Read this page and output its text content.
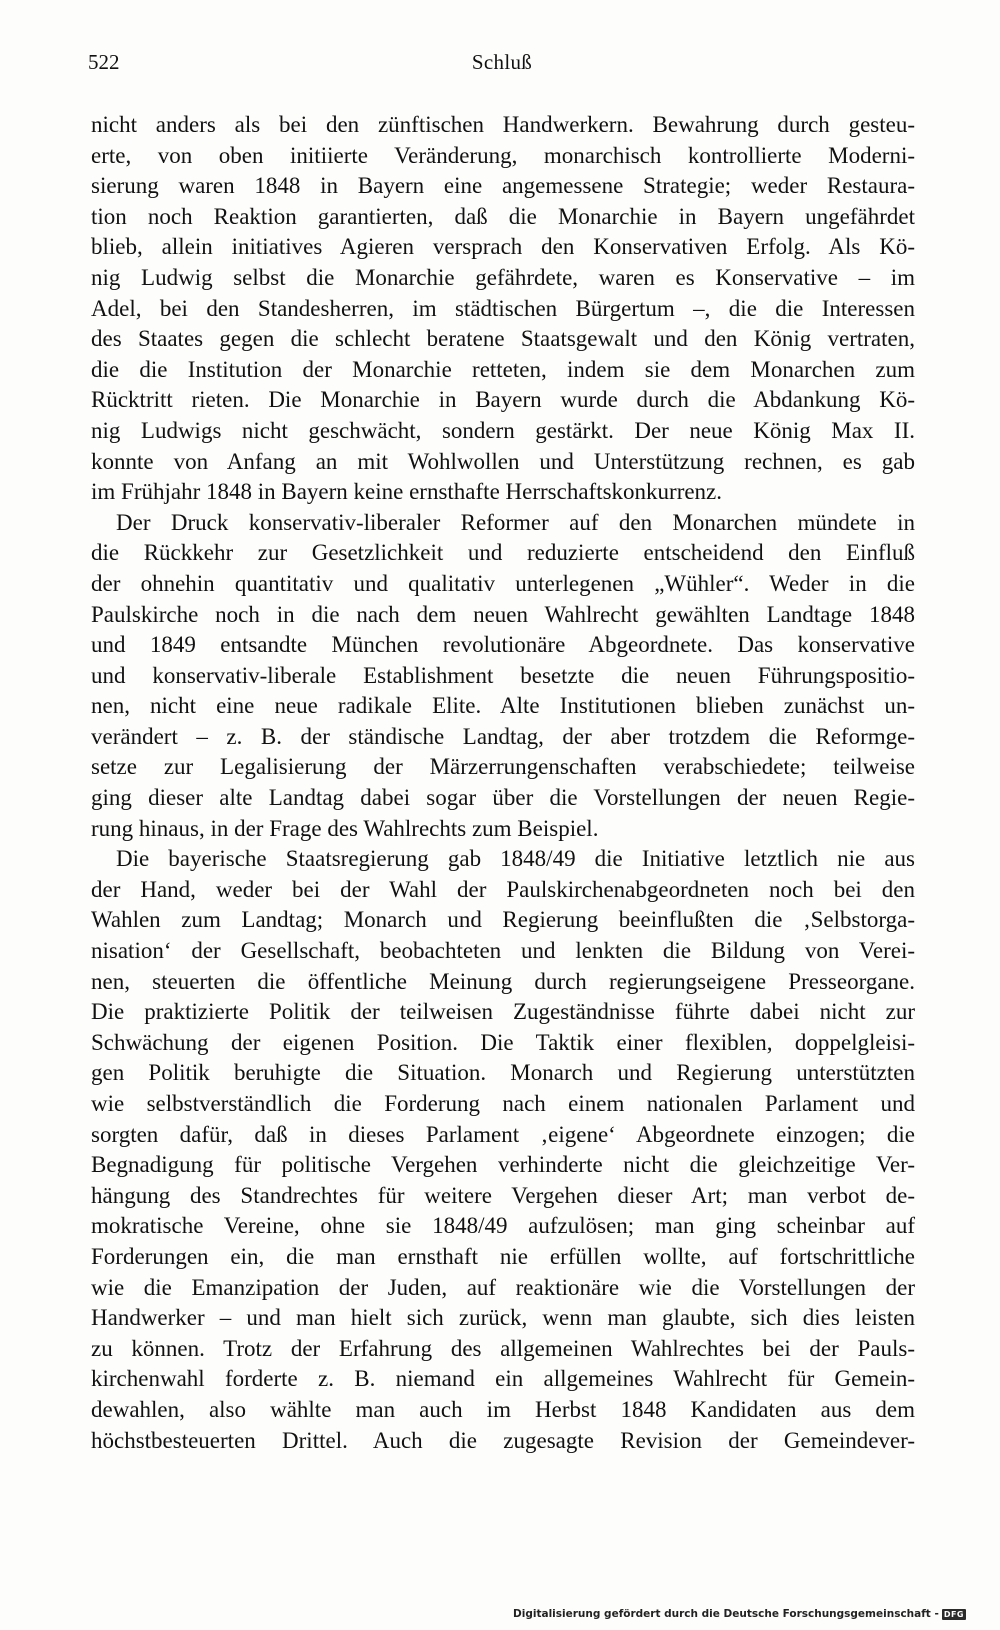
522	Schluß
nicht anders als bei den zünftischen Handwerkern. Bewahrung durch gesteu-
erte, von oben initiierte Veränderung, monarchisch kontrollierte Moderni-
sierung waren 1848 in Bayern eine angemessene Strategie; weder Restaura-
tion noch Reaktion garantierten, daß die Monarchie in Bayern ungefährdet
blieb, allein initiatives Agieren versprach den Konservativen Erfolg. Als Kö-
nig Ludwig selbst die Monarchie gefährdete, waren es Konservative – im
Adel, bei den Standesherren, im städtischen Bürgertum –, die die Interessen
des Staates gegen die schlecht beratene Staatsgewalt und den König vertraten,
die die Institution der Monarchie retteten, indem sie dem Monarchen zum
Rücktritt rieten. Die Monarchie in Bayern wurde durch die Abdankung Kö-
nig Ludwigs nicht geschwächt, sondern gestärkt. Der neue König Max II.
konnte von Anfang an mit Wohlwollen und Unterstützung rechnen, es gab
im Frühjahr 1848 in Bayern keine ernsthafte Herrschaftskonkurrenz.
Der Druck konservativ-liberaler Reformer auf den Monarchen mündete in
die Rückkehr zur Gesetzlichkeit und reduzierte entscheidend den Einfluß
der ohnehin quantitativ und qualitativ unterlegenen „Wühler“. Weder in die
Paulskirche noch in die nach dem neuen Wahlrecht gewählten Landtage 1848
und 1849 entsandte München revolutionäre Abgeordnete. Das konservative
und konservativ-liberale Establishment besetzte die neuen Führungspositio-
nen, nicht eine neue radikale Elite. Alte Institutionen blieben zunächst un-
verändert – z. B. der ständische Landtag, der aber trotzdem die Reformge-
setze zur Legalisierung der Märzerrungenschaften verabschiedete; teilweise
ging dieser alte Landtag dabei sogar über die Vorstellungen der neuen Regie-
rung hinaus, in der Frage des Wahlrechts zum Beispiel.
Die bayerische Staatsregierung gab 1848/49 die Initiative letztlich nie aus
der Hand, weder bei der Wahl der Paulskirchenabgeordneten noch bei den
Wahlen zum Landtag; Monarch und Regierung beeinflußten die ‚Selbstorga-
nisation‘ der Gesellschaft, beobachteten und lenkten die Bildung von Verei-
nen, steuerten die öffentliche Meinung durch regierungseigene Presseorgane.
Die praktizierte Politik der teilweisen Zugeständnisse führte dabei nicht zur
Schwächung der eigenen Position. Die Taktik einer flexiblen, doppelgleisi-
gen Politik beruhigte die Situation. Monarch und Regierung unterstützten
wie selbstverständlich die Forderung nach einem nationalen Parlament und
sorgten dafür, daß in dieses Parlament ‚eigene‘ Abgeordnete einzogen; die
Begnadigung für politische Vergehen verhinderte nicht die gleichzeitige Ver-
hängung des Standrechtes für weitere Vergehen dieser Art; man verbot de-
mokratische Vereine, ohne sie 1848/49 aufzulösen; man ging scheinbar auf
Forderungen ein, die man ernsthaft nie erfüllen wollte, auf fortschrittliche
wie die Emanzipation der Juden, auf reaktionäre wie die Vorstellungen der
Handwerker – und man hielt sich zurück, wenn man glaubte, sich dies leisten
zu können. Trotz der Erfahrung des allgemeinen Wahlrechtes bei der Pauls-
kirchenwahl forderte z. B. niemand ein allgemeines Wahlrecht für Gemein-
dewahlen, also wählte man auch im Herbst 1848 Kandidaten aus dem
höchstbesteuerten Drittel. Auch die zugesagte Revision der Gemeindever-
Digitalisierung gefördert durch die Deutsche Forschungsgemeinschaft - DFG
